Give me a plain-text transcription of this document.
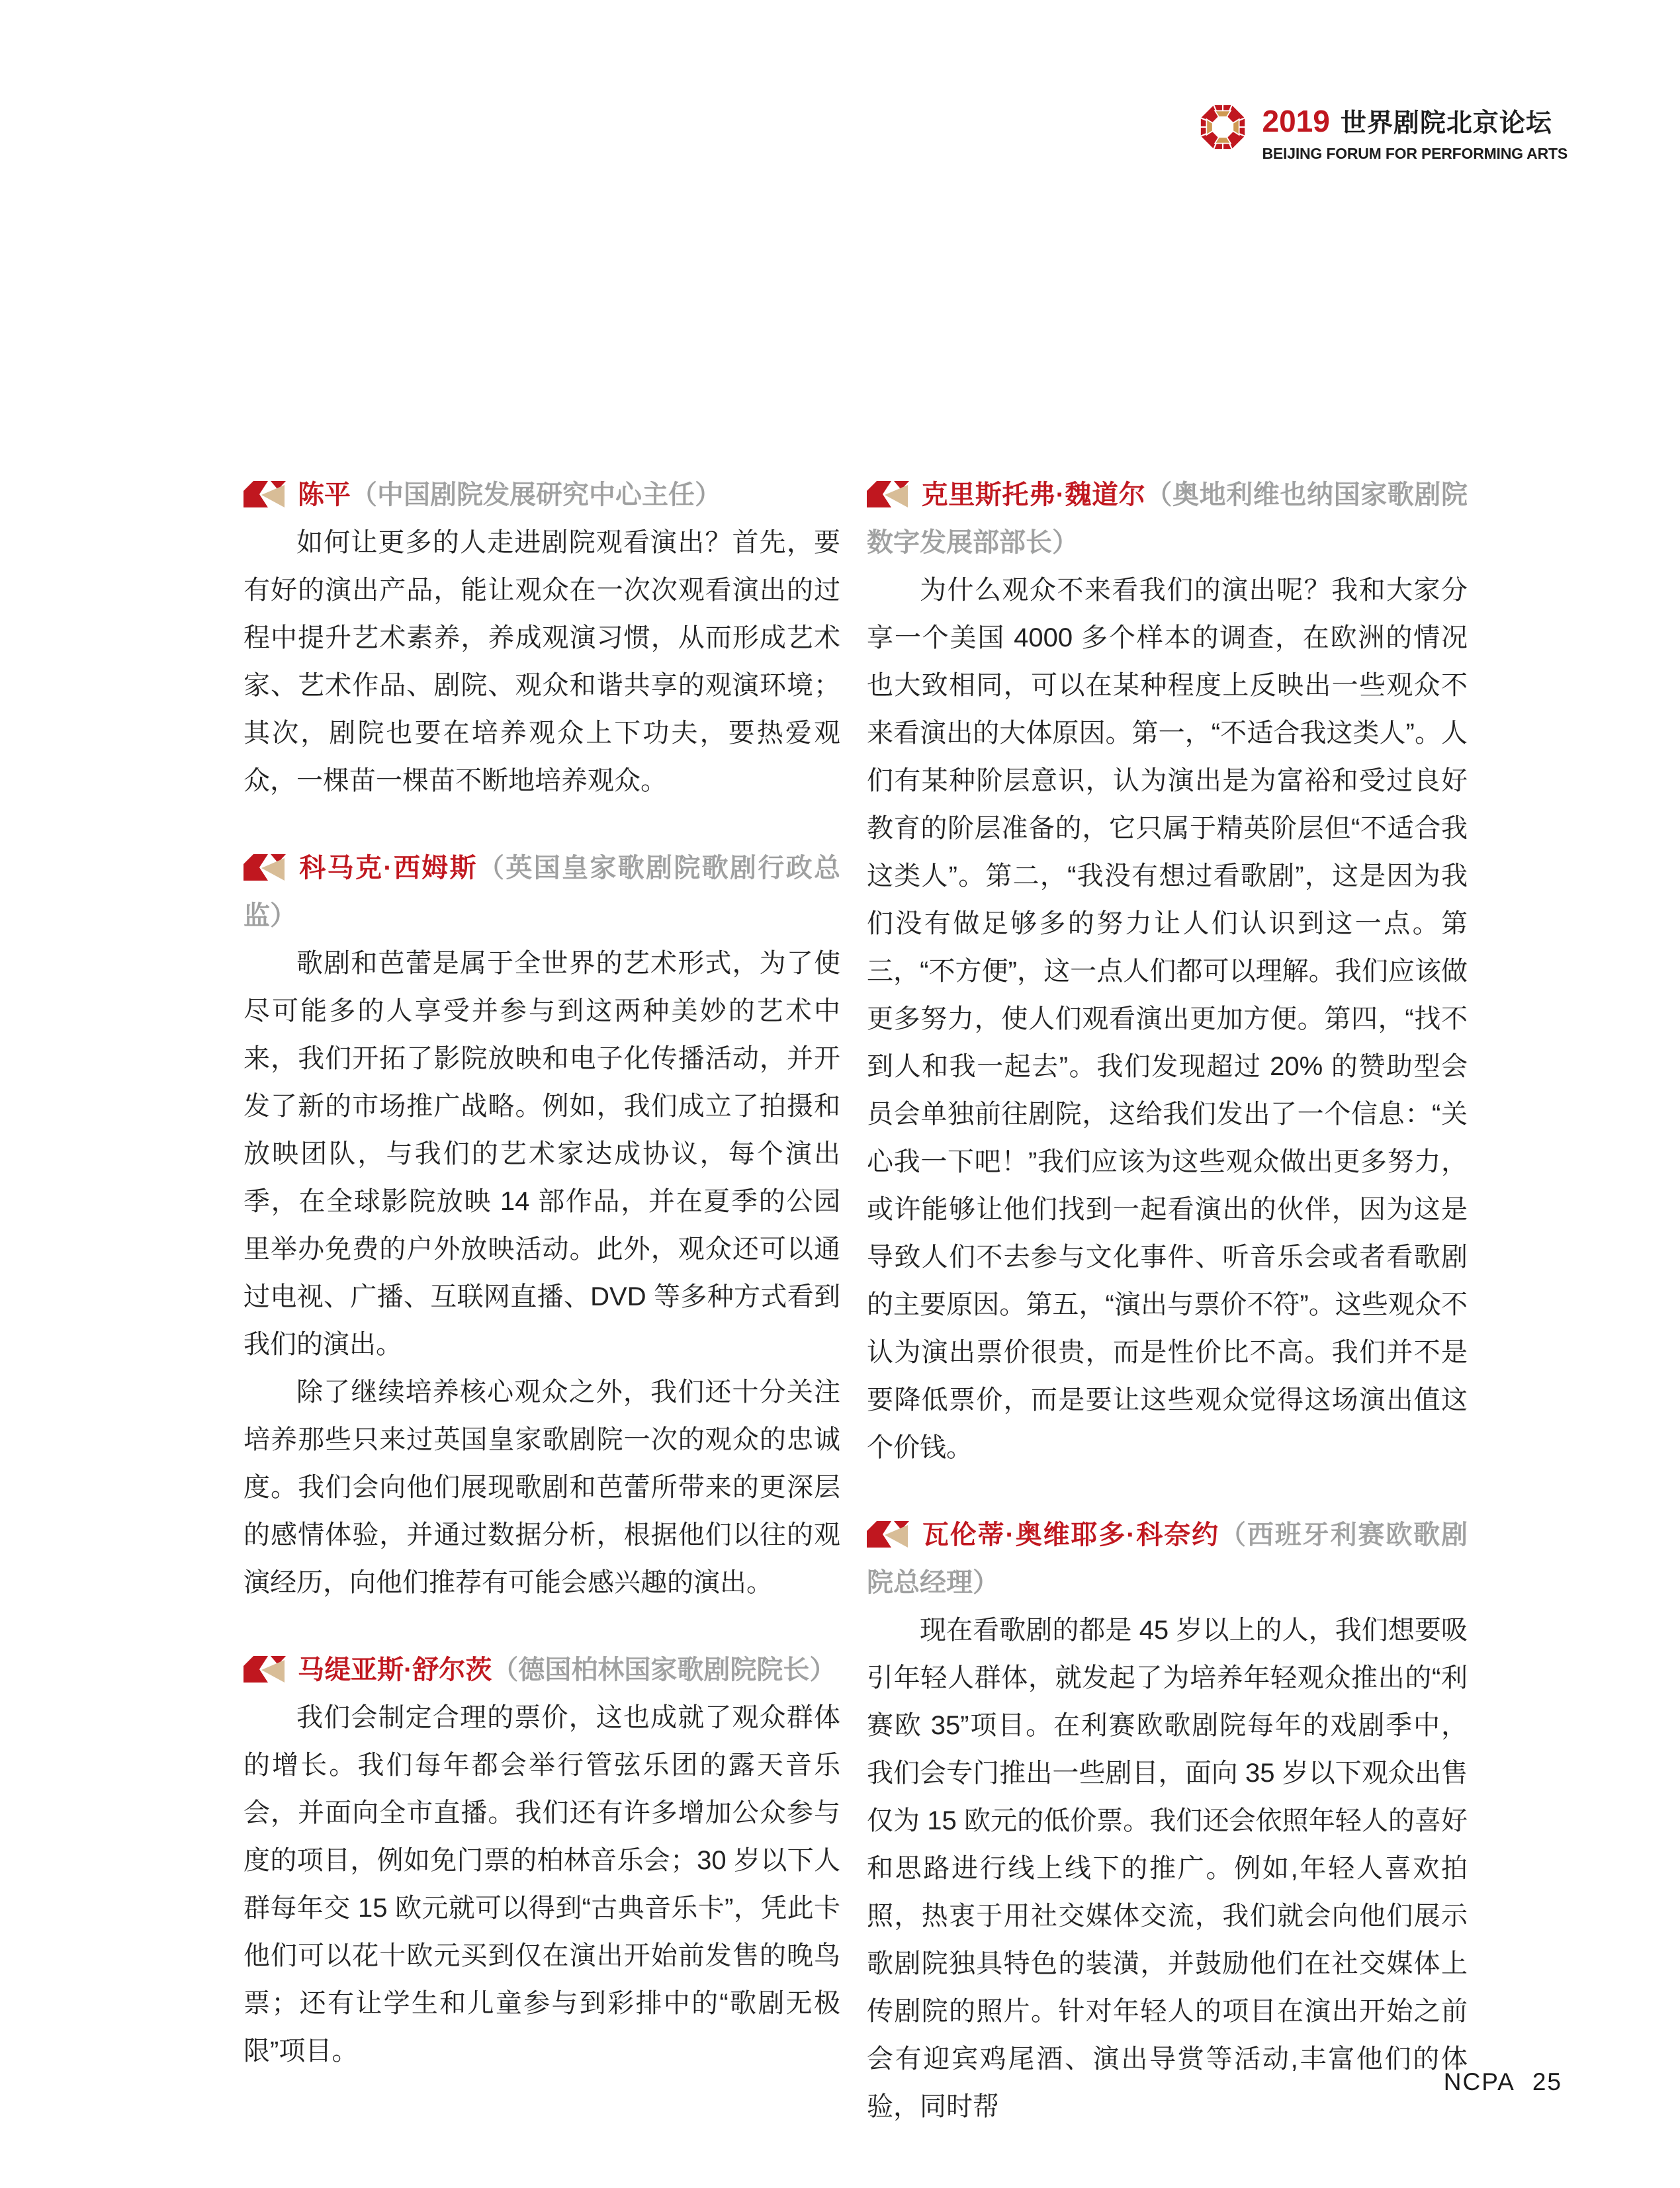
2019 世界剧院北京论坛
BEIJING FORUM FOR PERFORMING ARTS
陈平（中国剧院发展研究中心主任）

如何让更多的人走进剧院观看演出？首先，要有好的演出产品，能让观众在一次次观看演出的过程中提升艺术素养，养成观演习惯，从而形成艺术家、艺术作品、剧院、观众和谐共享的观演环境；其次，剧院也要在培养观众上下功夫，要热爱观众，一棵苗一棵苗不断地培养观众。

科马克·西姆斯（英国皇家歌剧院歌剧行政总监）

歌剧和芭蕾是属于全世界的艺术形式，为了使尽可能多的人享受并参与到这两种美妙的艺术中来，我们开拓了影院放映和电子化传播活动，并开发了新的市场推广战略。例如，我们成立了拍摄和放映团队，与我们的艺术家达成协议，每个演出季，在全球影院放映 14 部作品，并在夏季的公园里举办免费的户外放映活动。此外，观众还可以通过电视、广播、互联网直播、DVD 等多种方式看到我们的演出。

除了继续培养核心观众之外，我们还十分关注培养那些只来过英国皇家歌剧院一次的观众的忠诚度。我们会向他们展现歌剧和芭蕾所带来的更深层的感情体验，并通过数据分析，根据他们以往的观演经历，向他们推荐有可能会感兴趣的演出。

马缇亚斯·舒尔茨（德国柏林国家歌剧院院长）

我们会制定合理的票价，这也成就了观众群体的增长。我们每年都会举行管弦乐团的露天音乐会，并面向全市直播。我们还有许多增加公众参与度的项目，例如免门票的柏林音乐会；30 岁以下人群每年交 15 欧元就可以得到“古典音乐卡”，凭此卡他们可以花十欧元买到仅在演出开始前发售的晚鸟票；还有让学生和儿童参与到彩排中的“歌剧无极限”项目。

克里斯托弗·魏道尔（奥地利维也纳国家歌剧院数字发展部部长）

为什么观众不来看我们的演出呢？我和大家分享一个美国 4000 多个样本的调查，在欧洲的情况也大致相同，可以在某种程度上反映出一些观众不来看演出的大体原因。第一，“不适合我这类人”。人们有某种阶层意识，认为演出是为富裕和受过良好教育的阶层准备的，它只属于精英阶层但“不适合我这类人”。第二，“我没有想过看歌剧”，这是因为我们没有做足够多的努力让人们认识到这一点。第三，“不方便”，这一点人们都可以理解。我们应该做更多努力，使人们观看演出更加方便。第四，“找不到人和我一起去”。我们发现超过 20% 的赞助型会员会单独前往剧院，这给我们发出了一个信息：“关心我一下吧！”我们应该为这些观众做出更多努力，或许能够让他们找到一起看演出的伙伴，因为这是导致人们不去参与文化事件、听音乐会或者看歌剧的主要原因。第五，“演出与票价不符”。这些观众不认为演出票价很贵，而是性价比不高。我们并不是要降低票价，而是要让这些观众觉得这场演出值这个价钱。

瓦伦蒂·奥维耶多·科奈约（西班牙利赛欧歌剧院总经理）

现在看歌剧的都是 45 岁以上的人，我们想要吸引年轻人群体，就发起了为培养年轻观众推出的“利赛欧 35”项目。在利赛欧歌剧院每年的戏剧季中，我们会专门推出一些剧目，面向 35 岁以下观众出售仅为 15 欧元的低价票。我们还会依照年轻人的喜好和思路进行线上线下的推广。例如,年轻人喜欢拍照，热衷于用社交媒体交流，我们就会向他们展示歌剧院独具特色的装潢，并鼓励他们在社交媒体上传剧院的照片。针对年轻人的项目在演出开始之前会有迎宾鸡尾酒、演出导赏等活动,丰富他们的体验，同时帮

NCPA 25
